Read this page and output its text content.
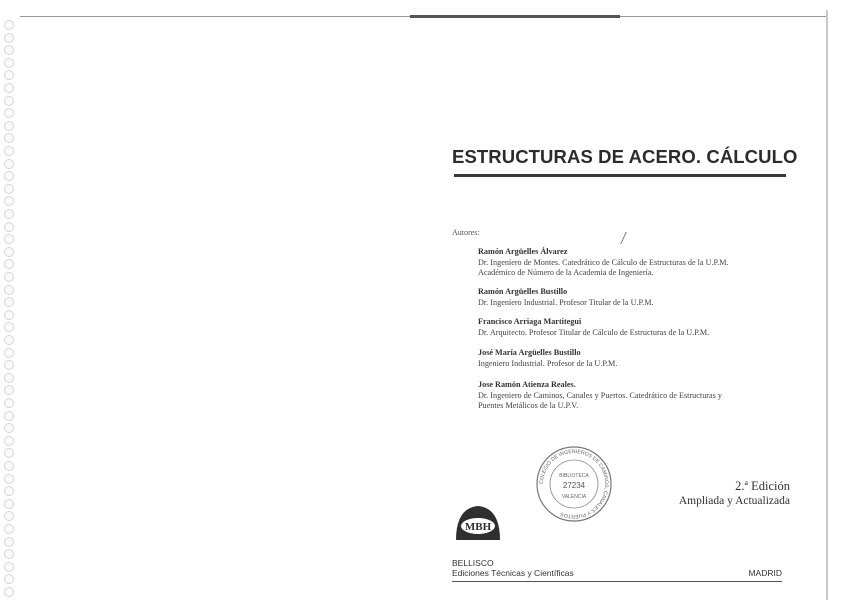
ESTRUCTURAS DE ACERO. CÁLCULO
Autores:
Ramón Argüelles Álvarez
Dr. Ingeniero de Montes. Catedrático de Cálculo de Estructuras de la U.P.M.
Académico de Número de la Academia de Ingeniería.
Ramón Argüelles Bustillo
Dr. Ingeniero Industrial. Profesor Titular de la U.P.M.
Francisco Arriaga Martitegui
Dr. Arquitecto. Profesor Titular de Cálculo de Estructuras de la U.P.M.
José María Argüelles Bustillo
Ingeniero Industrial. Profesor de la U.P.M.
Jose Ramón Atienza Reales.
Dr. Ingeniero de Caminos, Canales y Puertos. Catedrático de Estructuras y
Puentes Metálicos de la U.P.V.
COLEGIO DE INGENIEROS DE CAMINOS, CANALES Y PUERTOS
BIBLIOTECA
27234
VALENCIA
2.ª Edición
Ampliada y Actualizada
MBH
BELLISCO
Ediciones Técnicas y Científicas	MADRID
